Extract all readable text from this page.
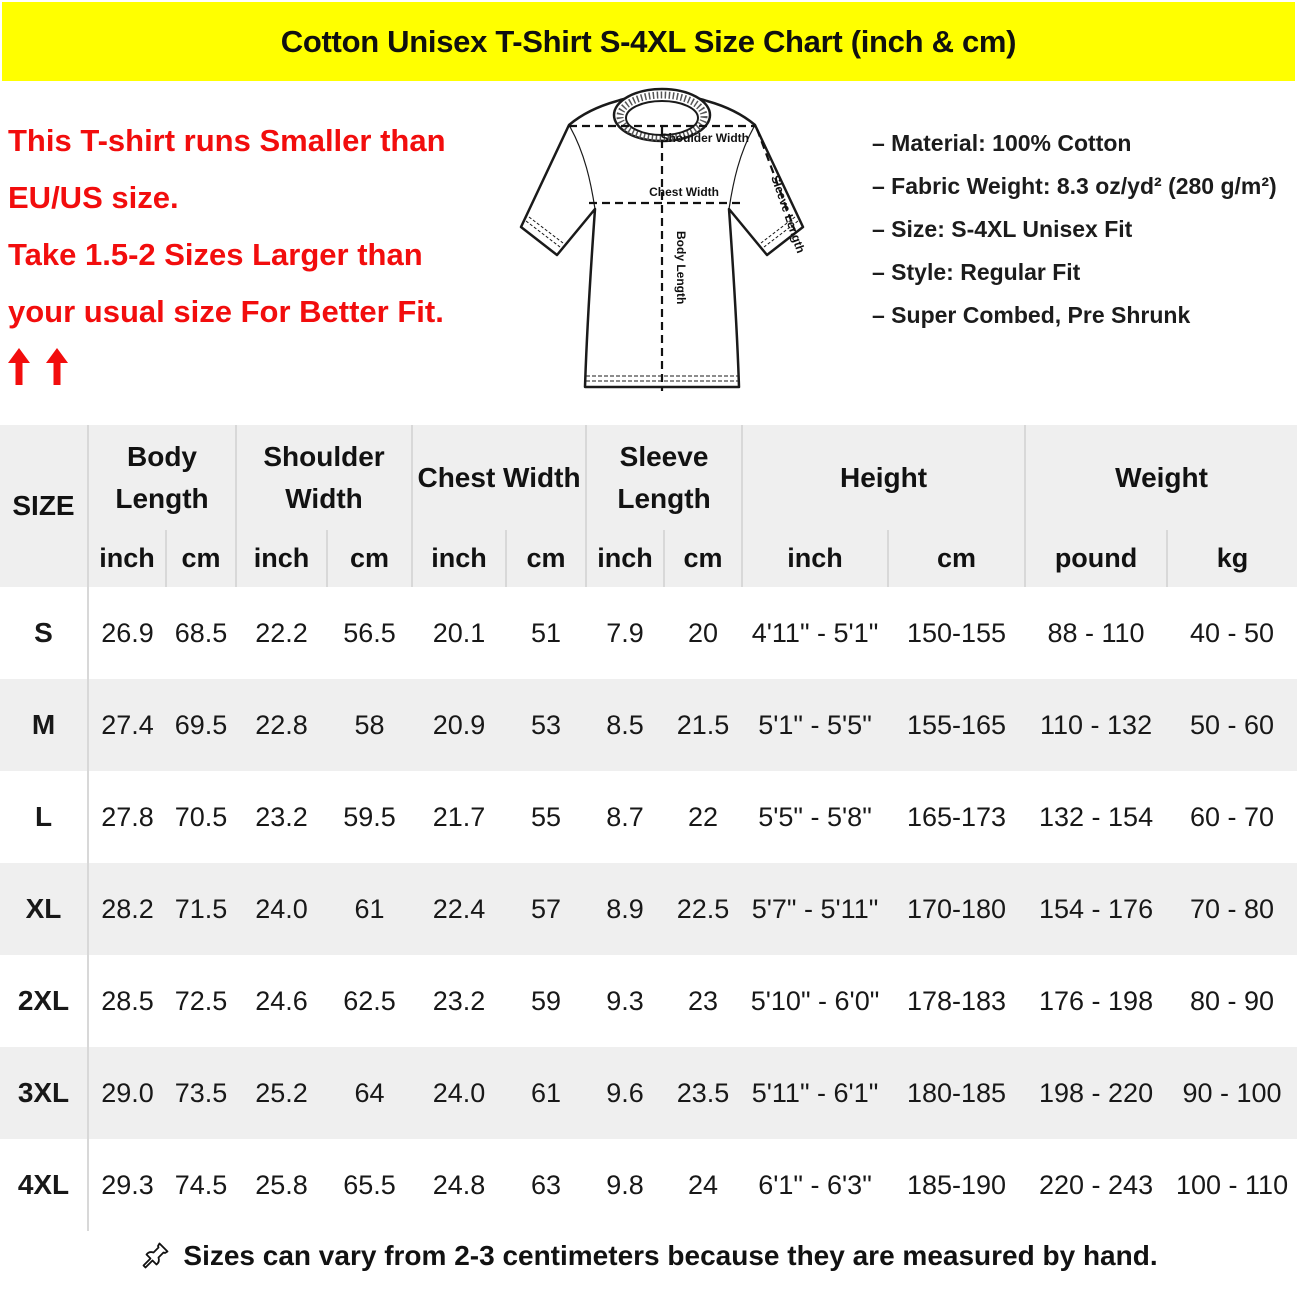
Cotton Unisex T-Shirt S-4XL Size Chart (inch & cm)

This T-shirt runs Smaller than

EU/US size.

Take 1.5-2 Sizes Larger than

your usual size For Better Fit.

Shoulder Width
Chest Width
Body Length
Sleeve Length
– Material: 100% Cotton
– Fabric Weight: 8.3 oz/yd² (280 g/m²)
– Size: S-4XL Unisex Fit
– Style: Regular Fit
– Super Combed, Pre Shrunk
SIZE	Body Length		Shoulder Width		Chest Width		Sleeve Length		Height		Weight	
	inch	cm	inch	cm	inch	cm	inch	cm	inch	cm	pound	kg
S	26.9	68.5	22.2	56.5	20.1	51	7.9	20	4'11" - 5'1"	150-155	88 - 110	40 - 50
M	27.4	69.5	22.8	58	20.9	53	8.5	21.5	5'1" - 5'5"	155-165	110 - 132	50 - 60
L	27.8	70.5	23.2	59.5	21.7	55	8.7	22	5'5" - 5'8"	165-173	132 - 154	60 - 70
XL	28.2	71.5	24.0	61	22.4	57	8.9	22.5	5'7" - 5'11"	170-180	154 - 176	70 - 80
2XL	28.5	72.5	24.6	62.5	23.2	59	9.3	23	5'10" - 6'0"	178-183	176 - 198	80 - 90
3XL	29.0	73.5	25.2	64	24.0	61	9.6	23.5	5'11" - 6'1"	180-185	198 - 220	90 - 100
4XL	29.3	74.5	25.8	65.5	24.8	63	9.8	24	6'1" - 6'3"	185-190	220 - 243	100 - 110
Sizes can vary from 2-3 centimeters because they are measured by hand.
